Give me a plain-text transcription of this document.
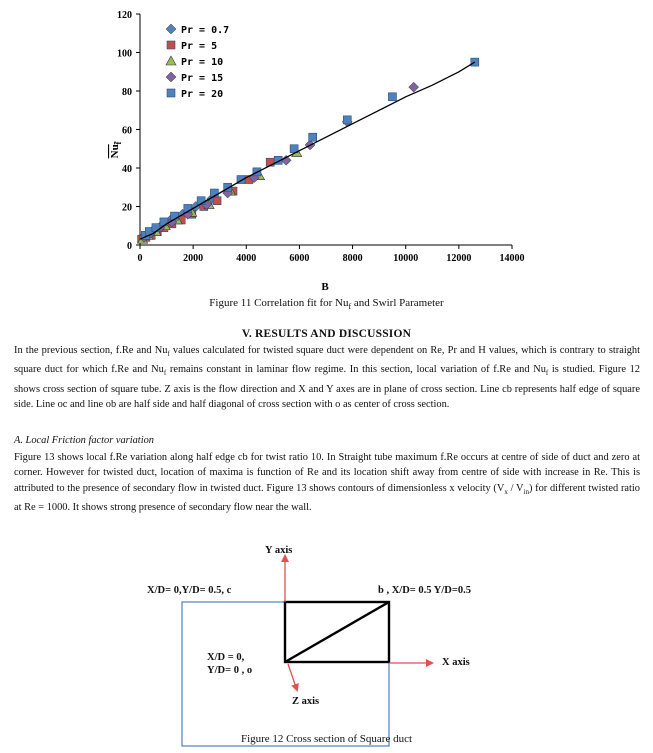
0
20
40
60
80
100
120
0	2000	4000	6000	8000	10000	12000	14000
Pr = 0.7
Pr = 5
Pr = 10
Pr = 15
Pr = 20
B
$Nu_f$
Figure 11 Correlation fit for $Nu_f$ and Swirl Parameter
V. RESULTS AND DISCUSSION
In the previous section, f.Re and $Nu_f$ values calculated for twisted square duct were dependent on Re, Pr and H values, which is contrary to straight square duct for which f.Re and $Nu_f$ remains constant in laminar flow regime. In this section, local variation of f.Re and $Nu_f$ is studied. Figure 12 shows cross section of square tube. Z axis is the flow direction and X and Y axes are in plane of cross section. Line cb represents half edge of square side. Line oc and line ob are half side and half diagonal of cross section with o as center of cross section.
A. Local Friction factor variation
Figure 13 shows local f.Re variation along half edge cb for twist ratio 10. In Straight tube maximum f.Re occurs at centre of side of duct and zero at corner. However for twisted duct, location of maxima is function of Re and its location shift away from centre of side with increase in Re. This is attributed to the presence of secondary flow in twisted duct. Figure 13 shows contours of dimensionless x velocity $(V_x / V_{in})$ for different twisted ratio at Re = 1000. It shows strong presence of secondary flow near the wall.
Y axis
X/D= 0,Y/D= 0.5, c	b , X/D= 0.5 Y/D=0.5
X/D = 0,
Y/D= 0 , o
X axis
Z axis
Figure 12 Cross section of Square duct
